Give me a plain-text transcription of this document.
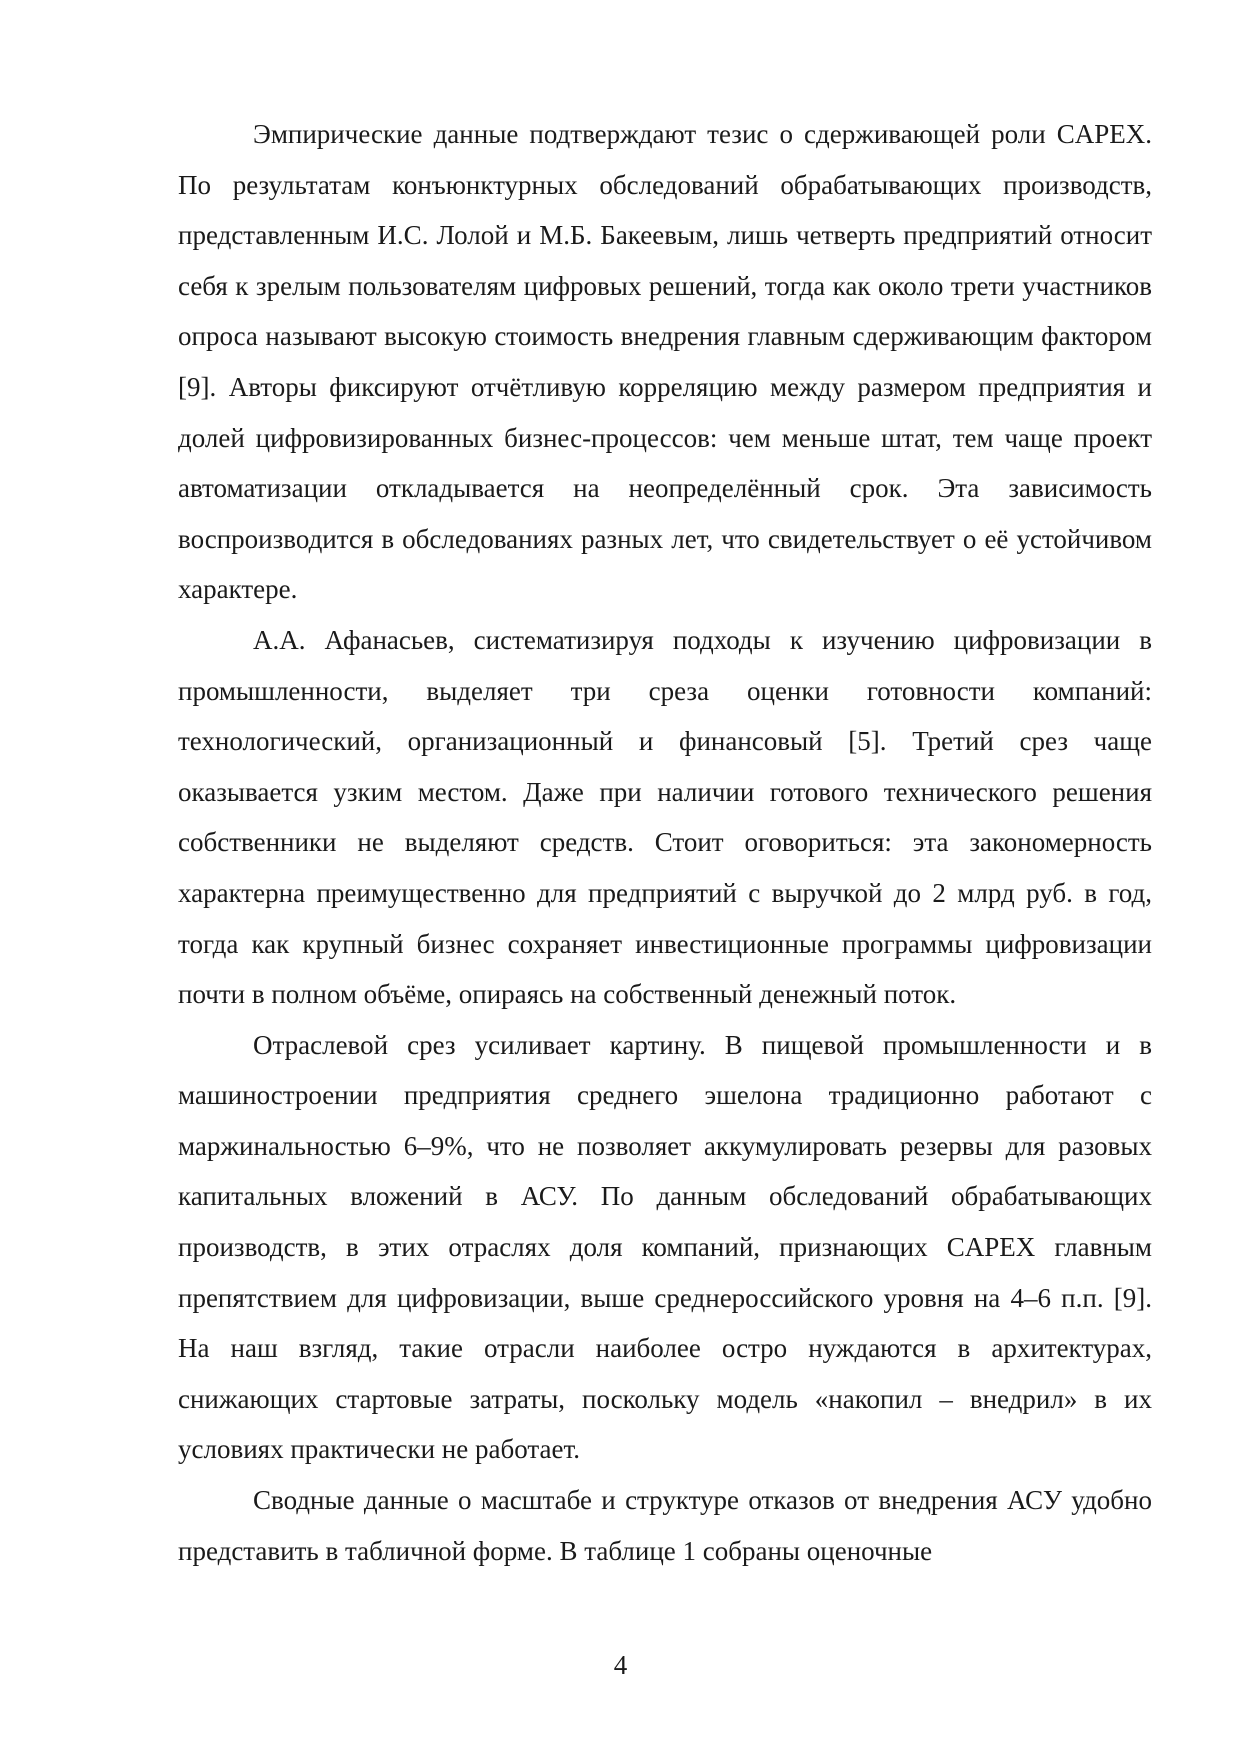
Эмпирические данные подтверждают тезис о сдерживающей роли CAPEX. По результатам конъюнктурных обследований обрабатывающих производств, представленным И.С. Лолой и М.Б. Бакеевым, лишь четверть предприятий относит себя к зрелым пользователям цифровых решений, тогда как около трети участников опроса называют высокую стоимость внедрения главным сдерживающим фактором [9]. Авторы фиксируют отчётливую корреляцию между размером предприятия и долей цифровизированных бизнес-процессов: чем меньше штат, тем чаще проект автоматизации откладывается на неопределённый срок. Эта зависимость воспроизводится в обследованиях разных лет, что свидетельствует о её устойчивом характере.

А.А. Афанасьев, систематизируя подходы к изучению цифровизации в промышленности, выделяет три среза оценки готовности компаний: технологический, организационный и финансовый [5]. Третий срез чаще оказывается узким местом. Даже при наличии готового технического решения собственники не выделяют средств. Стоит оговориться: эта закономерность характерна преимущественно для предприятий с выручкой до 2 млрд руб. в год, тогда как крупный бизнес сохраняет инвестиционные программы цифровизации почти в полном объёме, опираясь на собственный денежный поток.

Отраслевой срез усиливает картину. В пищевой промышленности и в машиностроении предприятия среднего эшелона традиционно работают с маржинальностью 6–9%, что не позволяет аккумулировать резервы для разовых капитальных вложений в АСУ. По данным обследований обрабатывающих производств, в этих отраслях доля компаний, признающих CAPEX главным препятствием для цифровизации, выше среднероссийского уровня на 4–6 п.п. [9]. На наш взгляд, такие отрасли наиболее остро нуждаются в архитектурах, снижающих стартовые затраты, поскольку модель «накопил – внедрил» в их условиях практически не работает.

Сводные данные о масштабе и структуре отказов от внедрения АСУ удобно представить в табличной форме. В таблице 1 собраны оценочные

4
